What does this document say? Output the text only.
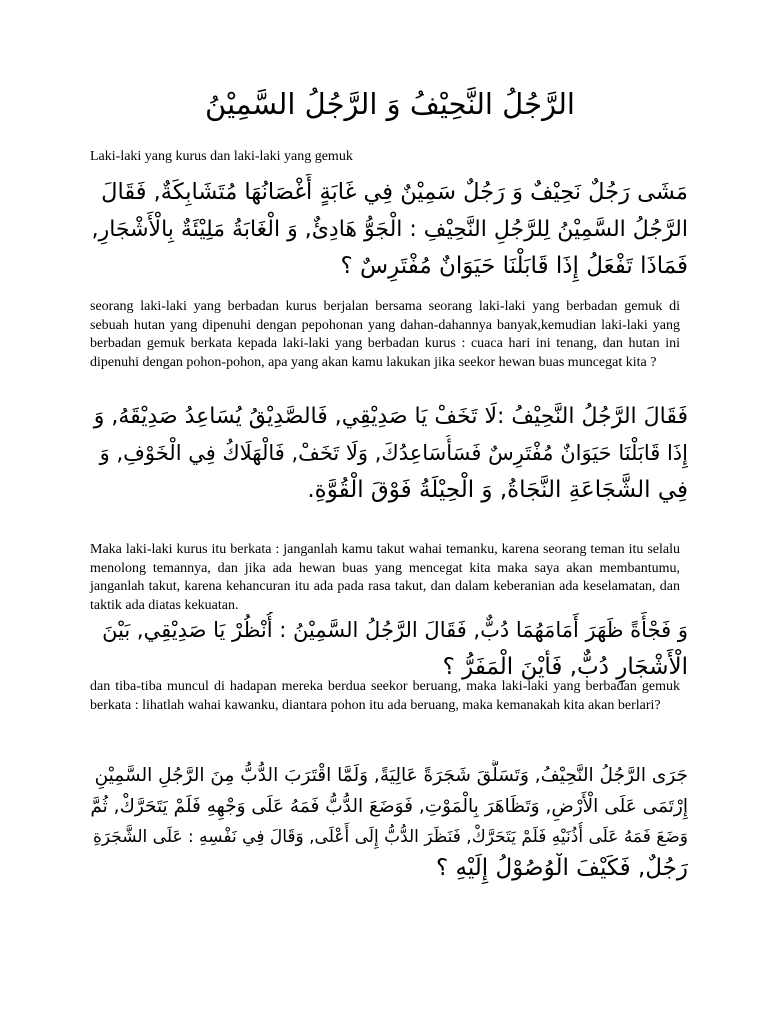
الرَّجُلُ النَّحِيْفُ وَ الرَّجُلُ السَّمِيْنُ
Laki-laki yang kurus dan laki-laki yang gemuk
مَشَى رَجُلٌ نَحِيْفٌ وَ رَجُلٌ سَمِيْنٌ فِي غَابَةٍ أَغْصَانُهَا مُتَشَابِكَةٌ, فَقَالَ
الرَّجُلُ السَّمِيْنُ لِلرَّجُلِ النَّحِيْفِ : الْجَوُّ هَادِئٌ, وَ الْغَابَةُ مَلِيْئَةٌ بِالْأَشْجَارِ,
فَمَاذَا تَفْعَلُ إِذَا قَابَلْنَا حَيَوَانٌ مُفْتَرِسٌ ؟
seorang laki-laki yang berbadan kurus berjalan bersama seorang laki-laki yang berbadan gemuk di sebuah hutan yang dipenuhi dengan pepohonan yang dahan-dahannya banyak,kemudian laki-laki yang berbadan gemuk berkata kepada laki-laki yang berbadan kurus : cuaca hari ini tenang, dan hutan ini dipenuhi dengan pohon-pohon, apa yang akan kamu lakukan jika seekor hewan buas muncegat kita ?
فَقَالَ الرَّجُلُ النَّحِيْفُ :لَا تَخَفْ يَا صَدِيْقِي, فَالصَّدِيْقُ يُسَاعِدُ صَدِيْقَهُ, وَ
إِذَا قَابَلْنَا حَيَوَانٌ مُفْتَرِسٌ فَسَأُسَاعِدُكَ, وَلَا تَخَفْ, فَالْهَلَاكُ فِي الْخَوْفِ, وَ
فِي الشَّجَاعَةِ النَّجَاةُ, وَ الْحِيْلَةُ فَوْقَ الْقُوَّةِ.
Maka laki-laki kurus itu berkata : janganlah kamu takut wahai temanku, karena seorang teman itu selalu menolong temannya, dan jika ada hewan buas yang mencegat kita maka saya akan membantumu, janganlah takut, karena kehancuran itu ada pada rasa takut, dan dalam keberanian ada keselamatan, dan taktik ada diatas kekuatan.
وَ فَجْأَةً ظَهَرَ أَمَامَهُمَا دُبٌّ, فَقَالَ الرَّجُلُ السَّمِيْنُ : أُنْظُرْ يَا صَدِيْقِي, بَيْنَ
الْأَشْجَارِ دُبٌّ, فَأَيْنَ الْمَفَرُّ ؟
dan tiba-tiba muncul di hadapan mereka berdua seekor beruang, maka laki-laki yang berbadan gemuk berkata : lihatlah wahai kawanku, diantara pohon itu ada beruang, maka kemanakah kita akan berlari?
جَرَى الرَّجُلُ النَّحِيْفُ, وَتَسَلَّقَ شَجَرَةً عَالِيَةً, وَلَمَّا اقْتَرَبَ الدُّبُّ مِنَ الرَّجُلِ السَّمِيْنِ
إِرْتَمَى عَلَى الْأَرْضِ, وَتَظَاهَرَ بِالْمَوْتِ, فَوَضَعَ الدُّبُّ فَمَهُ عَلَى وَجْهِهِ فَلَمْ يَتَحَرَّكْ, ثُمَّ
وَضَعَ فَمَهُ عَلَى أُذُنَيْهِ فَلَمْ يَتَحَرَّكْ, فَنَظَرَ الدُّبُّ إِلَى أَعْلَى, وَقَالَ فِي نَفْسِهِ : عَلَى الشَّجَرَةِ
رَجُلٌ, فَكَيْفَ الْوُصُوْلُ إِلَيْهِ ؟
